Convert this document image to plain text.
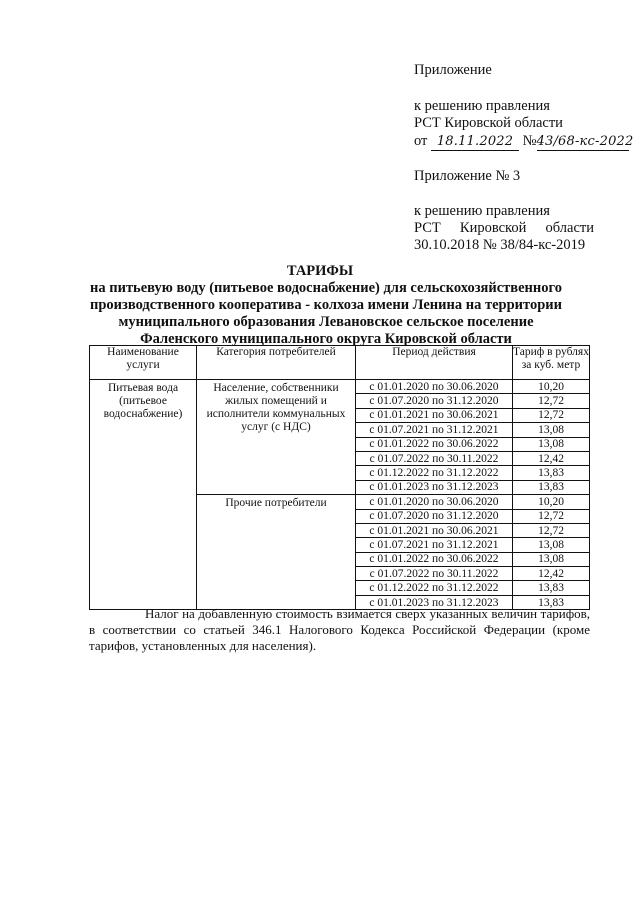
Приложение
к решению правления
РСТ Кировской области
от 18.11.2022 №43/68-кс-2022
Приложение № 3
к решению правления
РСТ Кировской области
30.10.2018 № 38/84-кс-2019
ТАРИФЫ
на питьевую воду (питьевое водоснабжение) для сельскохозяйственного
производственного кооператива - колхоза имени Ленина на территории
муниципального образования Левановское сельское поселение
Фаленского муниципального округа Кировской области
Наименование услуги	Категория потребителей	Период действия	Тариф в рублях за куб. метр
Питьевая вода (питьевое водоснабжение)	Население, собственники жилых помещений и исполнители коммунальных услуг (с НДС)	с 01.01.2020 по 30.06.2020	10,20
		с 01.07.2020 по 31.12.2020	12,72
		с 01.01.2021 по 30.06.2021	12,72
		с 01.07.2021 по 31.12.2021	13,08
		с 01.01.2022 по 30.06.2022	13,08
		с 01.07.2022 по 30.11.2022	12,42
		с 01.12.2022 по 31.12.2022	13,83
		с 01.01.2023 по 31.12.2023	13,83
	Прочие потребители	с 01.01.2020 по 30.06.2020	10,20
		с 01.07.2020 по 31.12.2020	12,72
		с 01.01.2021 по 30.06.2021	12,72
		с 01.07.2021 по 31.12.2021	13,08
		с 01.01.2022 по 30.06.2022	13,08
		с 01.07.2022 по 30.11.2022	12,42
		с 01.12.2022 по 31.12.2022	13,83
		с 01.01.2023 по 31.12.2023	13,83
Налог на добавленную стоимость взимается сверх указанных величин тарифов, в соответствии со статьей 346.1 Налогового Кодекса Российской Федерации (кроме тарифов, установленных для населения).
